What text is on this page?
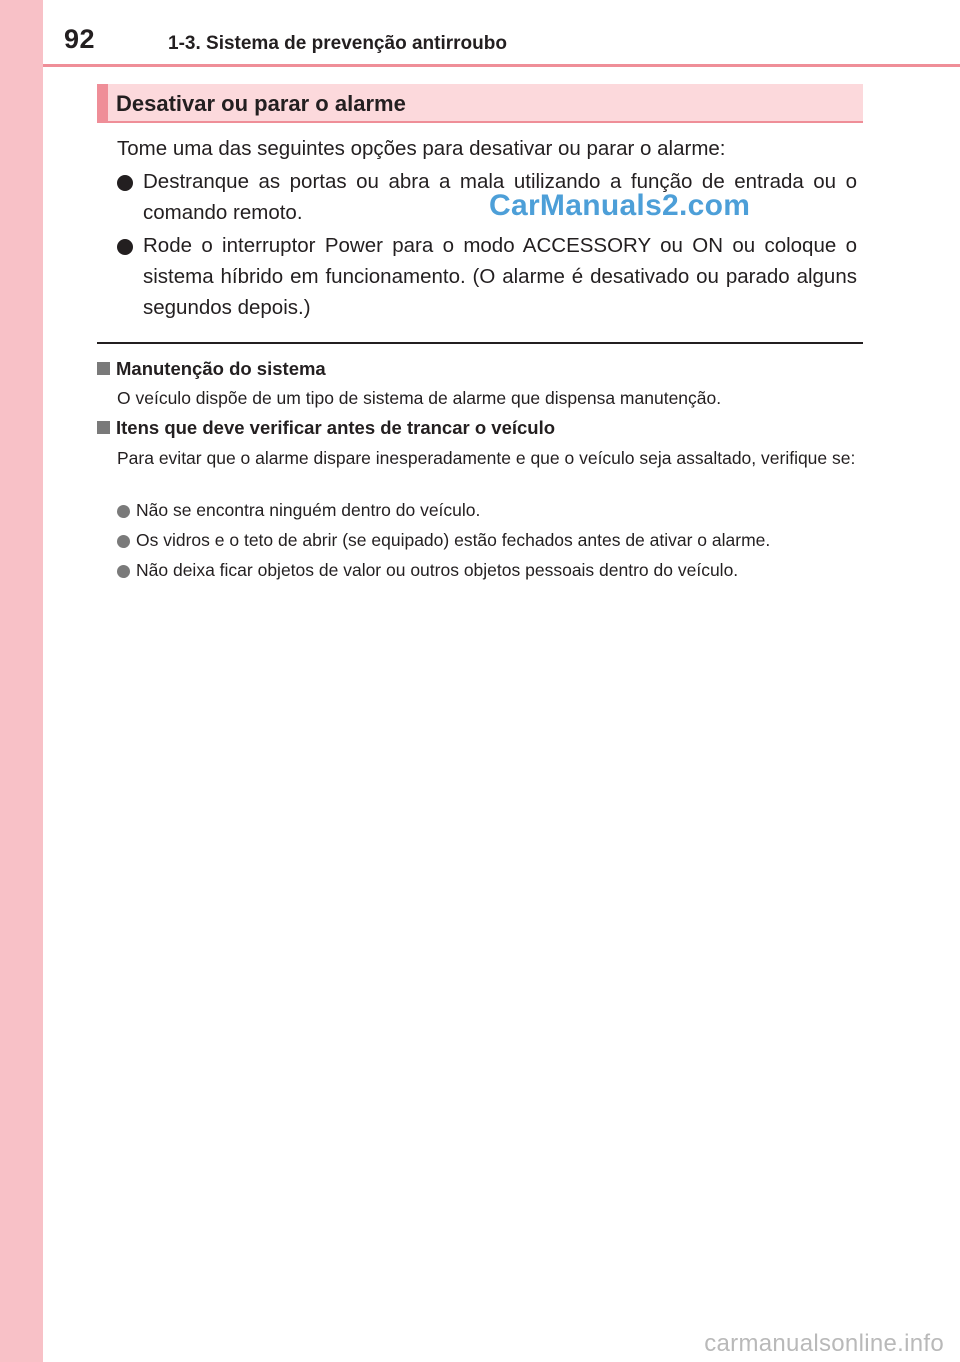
92	1-3. Sistema de prevenção antirroubo
Desativar ou parar o alarme

Tome uma das seguintes opções para desativar ou parar o alarme:

Destranque as portas ou abra a mala utilizando a função de entrada ou o comando remoto.
Rode o interruptor Power para o modo ACCESSORY ou ON ou coloque o sistema híbrido em funcionamento. (O alarme é desativado ou parado alguns segundos depois.)
CarManuals2.com
Manutenção do sistema

O veículo dispõe de um tipo de sistema de alarme que dispensa manutenção.

Itens que deve verificar antes de trancar o veículo

Para evitar que o alarme dispare inesperadamente e que o veículo seja assaltado, verifique se:

Não se encontra ninguém dentro do veículo.
Os vidros e o teto de abrir (se equipado) estão fechados antes de ativar o alarme.
Não deixa ficar objetos de valor ou outros objetos pessoais dentro do veículo.
carmanualsonline.info
